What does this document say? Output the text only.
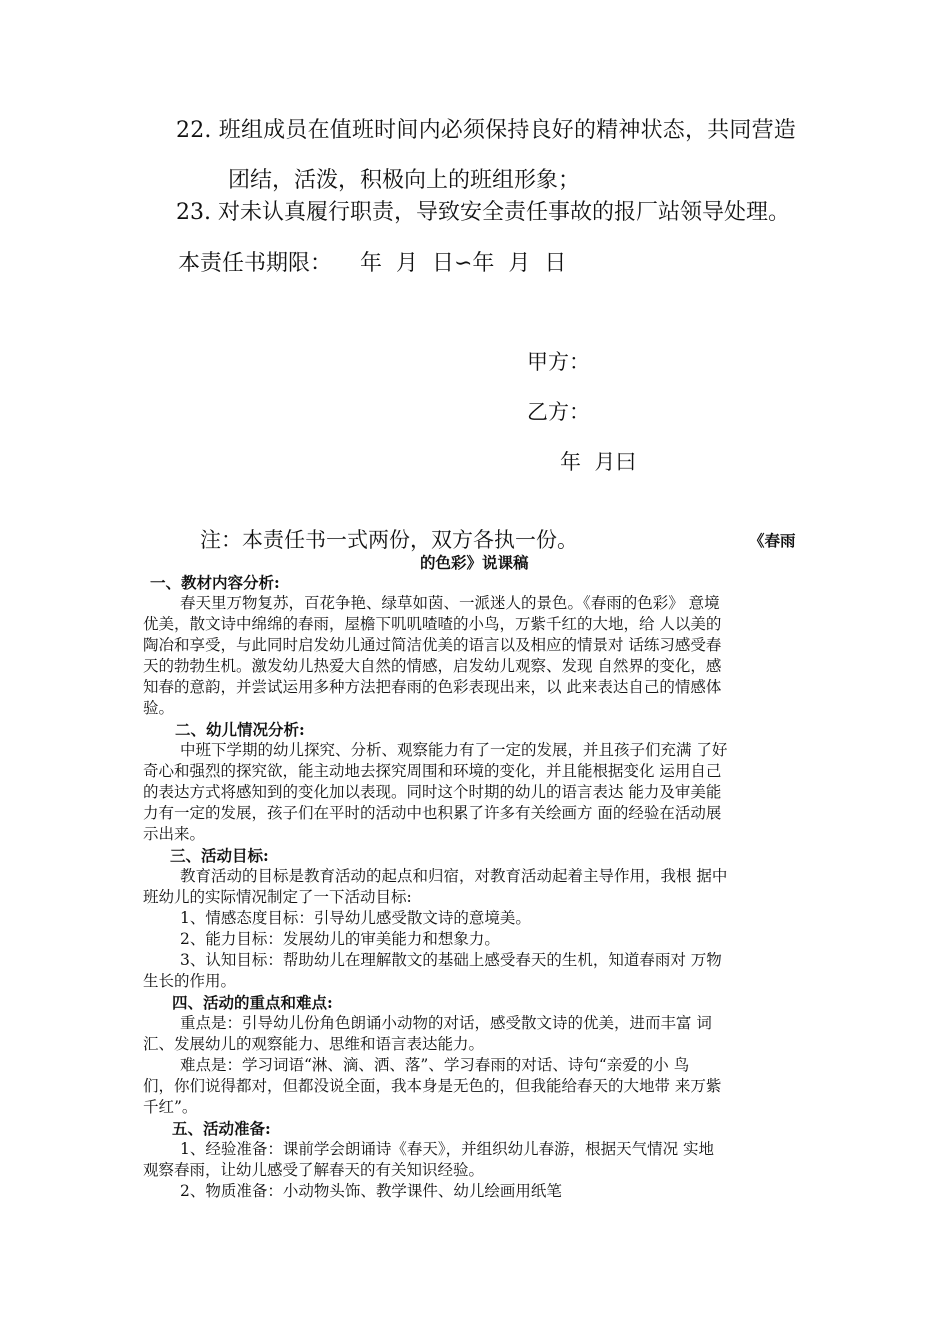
22. 班组成员在值班时间内必须保持良好的精神状态，共同营造
团结，活泼，积极向上的班组形象；
23. 对未认真履行职责，导致安全责任事故的报厂站领导处理。
本责任书期限：    年  月  日∽年  月  日
甲方：
乙方：
年  月曰
注：本责任书一式两份，双方各执一份。	《春雨
的色彩》说课稿
一、教材内容分析:
春天里万物复苏，百花争艳、绿草如茵、一派迷人的景色。《春雨的色彩》 意境
优美，散文诗中绵绵的春雨，屋檐下叽叽喳喳的小鸟，万紫千红的大地，给 人以美的
陶冶和享受，与此同时启发幼儿通过简洁优美的语言以及相应的情景对 话练习感受春
天的勃勃生机。激发幼儿热爱大自然的情感，启发幼儿观察、发现 自然界的变化，感
知春的意韵，并尝试运用多种方法把春雨的色彩表现出来，以 此来表达自己的情感体
验。
二、幼儿情况分析:
中班下学期的幼儿探究、分析、观察能力有了一定的发展，并且孩子们充满 了好
奇心和强烈的探究欲，能主动地去探究周围和环境的变化，并且能根据变化 运用自己
的表达方式将感知到的变化加以表现。同时这个时期的幼儿的语言表达 能力及审美能
力有一定的发展，孩子们在平时的活动中也积累了许多有关绘画方 面的经验在活动展
示出来。
三、活动目标:
教育活动的目标是教育活动的起点和归宿，对教育活动起着主导作用，我根 据中
班幼儿的实际情况制定了一下活动目标:
1、情感态度目标：引导幼儿感受散文诗的意境美。
2、能力目标：发展幼儿的审美能力和想象力。
3、认知目标：帮助幼儿在理解散文的基础上感受春天的生机，知道春雨对 万物
生长的作用。
四、活动的重点和难点:
重点是：引导幼儿份角色朗诵小动物的对话，感受散文诗的优美，进而丰富 词
汇、发展幼儿的观察能力、思维和语言表达能力。
难点是：学习词语“淋、滴、洒、落”、学习春雨的对话、诗句“亲爱的小 鸟
们，你们说得都对，但都没说全面，我本身是无色的，但我能给春天的大地带 来万紫
千红”。
五、活动准备:
1、经验准备：课前学会朗诵诗《春天》，并组织幼儿春游，根据天气情况 实地
观察春雨，让幼儿感受了解春天的有关知识经验。
2、物质准备：小动物头饰、教学课件、幼儿绘画用纸笔
